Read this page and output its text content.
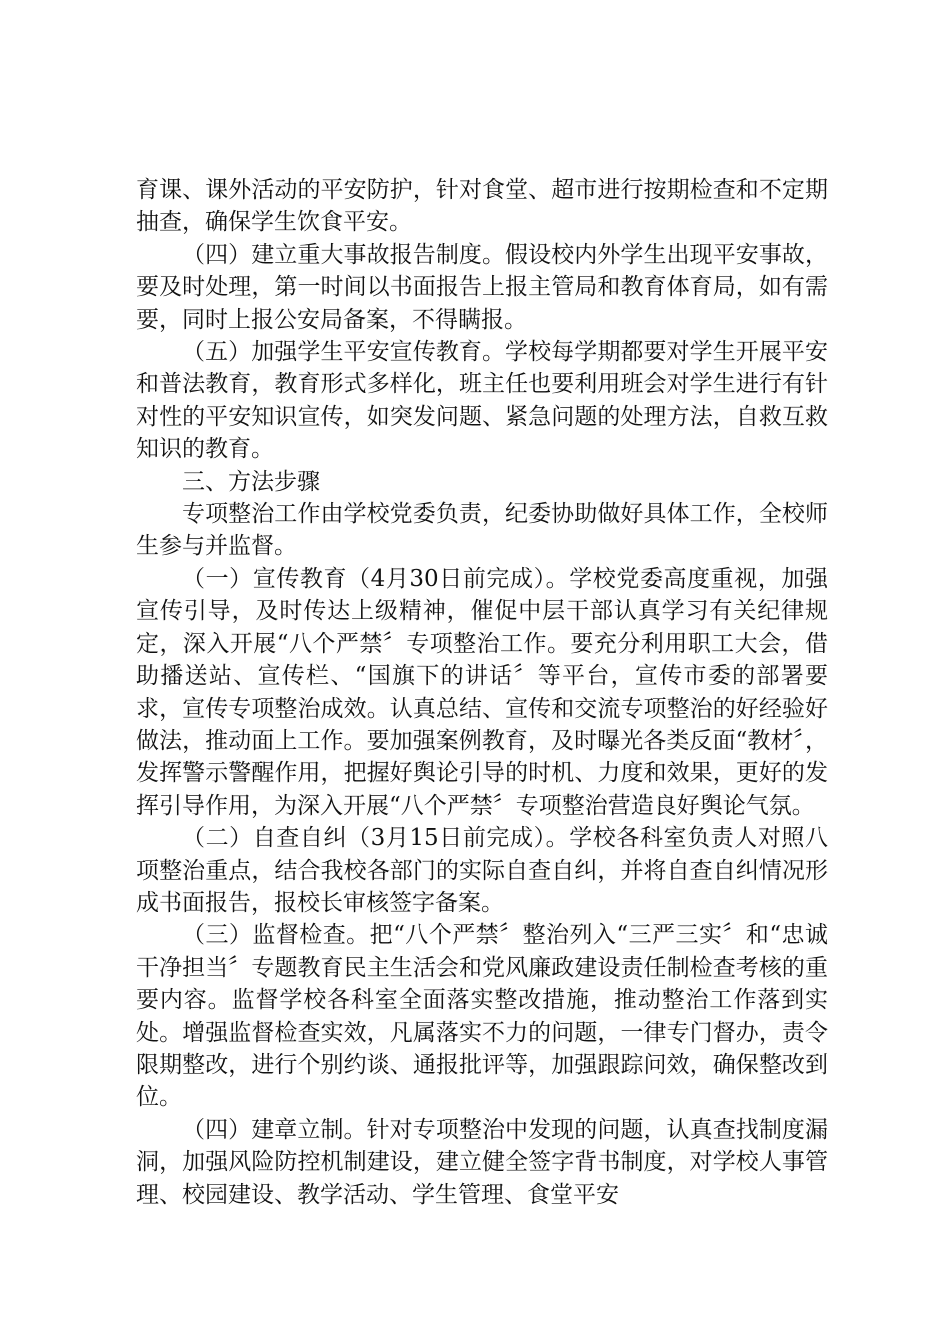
育课、课外活动的平安防护，针对食堂、超市进行按期检查和不定期抽查，确保学生饮食平安。

（四）建立重大事故报告制度。假设校内外学生出现平安事故，要及时处理，第一时间以书面报告上报主管局和教育体育局，如有需要，同时上报公安局备案，不得瞒报。

（五）加强学生平安宣传教育。学校每学期都要对学生开展平安和普法教育，教育形式多样化，班主任也要利用班会对学生进行有针对性的平安知识宣传，如突发问题、紧急问题的处理方法，自救互救知识的教育。

三、方法步骤

专项整治工作由学校党委负责，纪委协助做好具体工作，全校师生参与并监督。

（一）宣传教育（4月30日前完成）。学校党委高度重视，加强宣传引导，及时传达上级精神，催促中层干部认真学习有关纪律规定，深入开展“八个严禁〞专项整治工作。要充分利用职工大会，借助播送站、宣传栏、“国旗下的讲话〞等平台，宣传市委的部署要求，宣传专项整治成效。认真总结、宣传和交流专项整治的好经验好做法，推动面上工作。要加强案例教育，及时曝光各类反面“教材〞，发挥警示警醒作用，把握好舆论引导的时机、力度和效果，更好的发挥引导作用，为深入开展“八个严禁〞专项整治营造良好舆论气氛。

（二）自查自纠（3月15日前完成）。学校各科室负责人对照八项整治重点，结合我校各部门的实际自查自纠，并将自查自纠情况形成书面报告，报校长审核签字备案。

（三）监督检查。把“八个严禁〞整治列入“三严三实〞和“忠诚干净担当〞专题教育民主生活会和党风廉政建设责任制检查考核的重要内容。监督学校各科室全面落实整改措施，推动整治工作落到实处。增强监督检查实效，凡属落实不力的问题，一律专门督办，责令限期整改，进行个别约谈、通报批评等，加强跟踪问效，确保整改到位。

（四）建章立制。针对专项整治中发现的问题，认真查找制度漏洞，加强风险防控机制建设，建立健全签字背书制度，对学校人事管理、校园建设、教学活动、学生管理、食堂平安
